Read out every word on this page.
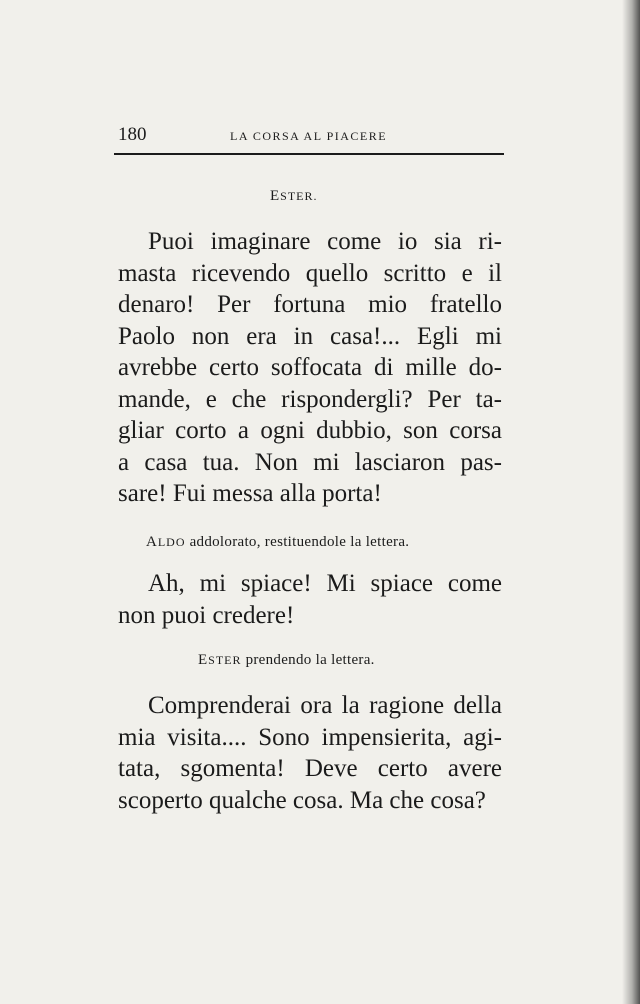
180	LA CORSA AL PIACERE
ESTER.
Puoi imaginare come io sia ri-
masta ricevendo quello scritto e il
denaro! Per fortuna mio fratello
Paolo non era in casa!... Egli mi
avrebbe certo soffocata di mille do-
mande, e che rispondergli? Per ta-
gliar corto a ogni dubbio, son corsa
a casa tua. Non mi lasciaron pas-
sare! Fui messa alla porta!
ALDO addolorato, restituendole la lettera.
Ah, mi spiace! Mi spiace come
non puoi credere!
ESTER prendendo la lettera.
Comprenderai ora la ragione della
mia visita.... Sono impensierita, agi-
tata, sgomenta! Deve certo avere
scoperto qualche cosa. Ma che cosa?
